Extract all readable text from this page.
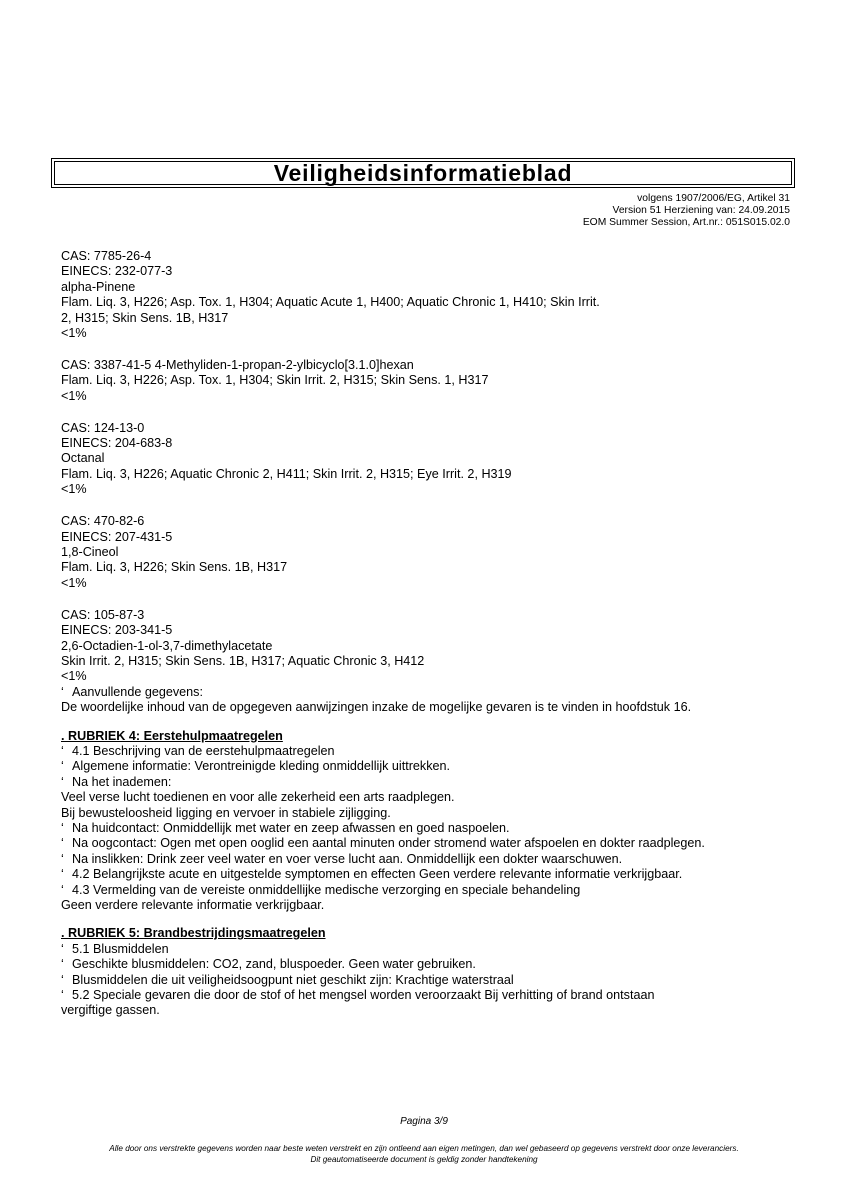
Veiligheidsinformatieblad
volgens 1907/2006/EG, Artikel 31
Version 51 Herziening van: 24.09.2015
EOM Summer Session, Art.nr.: 051S015.02.0
CAS: 7785-26-4
EINECS: 232-077-3
alpha-Pinene
Flam. Liq. 3, H226; Asp. Tox. 1, H304; Aquatic Acute 1, H400; Aquatic Chronic 1, H410; Skin Irrit.
2, H315; Skin Sens. 1B, H317
<1%
CAS: 3387-41-5 4-Methyliden-1-propan-2-ylbicyclo[3.1.0]hexan
Flam. Liq. 3, H226; Asp. Tox. 1, H304; Skin Irrit. 2, H315; Skin Sens. 1, H317
<1%
CAS: 124-13-0
EINECS: 204-683-8
Octanal
Flam. Liq. 3, H226; Aquatic Chronic 2, H411; Skin Irrit. 2, H315; Eye Irrit. 2, H319
<1%
CAS: 470-82-6
EINECS: 207-431-5
1,8-Cineol
Flam. Liq. 3, H226; Skin Sens. 1B, H317
<1%
CAS: 105-87-3
EINECS: 203-341-5
2,6-Octadien-1-ol-3,7-dimethylacetate
Skin Irrit. 2, H315; Skin Sens. 1B, H317; Aquatic Chronic 3, H412
<1%
‘ Aanvullende gegevens:
De woordelijke inhoud van de opgegeven aanwijzingen inzake de mogelijke gevaren is te vinden in hoofdstuk 16.
. RUBRIEK 4: Eerstehulpmaatregelen
‘ 4.1 Beschrijving van de eerstehulpmaatregelen
‘ Algemene informatie: Verontreinigde kleding onmiddellijk uittrekken.
‘ Na het inademen:
Veel verse lucht toedienen en voor alle zekerheid een arts raadplegen.
Bij bewusteloosheid ligging en vervoer in stabiele zijligging.
‘ Na huidcontact: Onmiddellijk met water en zeep afwassen en goed naspoelen.
‘ Na oogcontact: Ogen met open ooglid een aantal minuten onder stromend water afspoelen en dokter raadplegen.
‘ Na inslikken: Drink zeer veel water en voer verse lucht aan. Onmiddellijk een dokter waarschuwen.
‘ 4.2 Belangrijkste acute en uitgestelde symptomen en effecten Geen verdere relevante informatie verkrijgbaar.
‘ 4.3 Vermelding van de vereiste onmiddellijke medische verzorging en speciale behandeling
Geen verdere relevante informatie verkrijgbaar.
. RUBRIEK 5: Brandbestrijdingsmaatregelen
‘ 5.1 Blusmiddelen
‘ Geschikte blusmiddelen: CO2, zand, bluspoeder. Geen water gebruiken.
‘ Blusmiddelen die uit veiligheidsoogpunt niet geschikt zijn: Krachtige waterstraal
‘ 5.2 Speciale gevaren die door de stof of het mengsel worden veroorzaakt Bij verhitting of brand ontstaan
vergiftige gassen.
Pagina 3/9
Alle door ons verstrekte gegevens worden naar beste weten verstrekt en zijn ontleend aan eigen metingen, dan wel gebaseerd op gegevens verstrekt door onze leveranciers.
Dit geautomatiseerde document is geldig zonder handtekening
